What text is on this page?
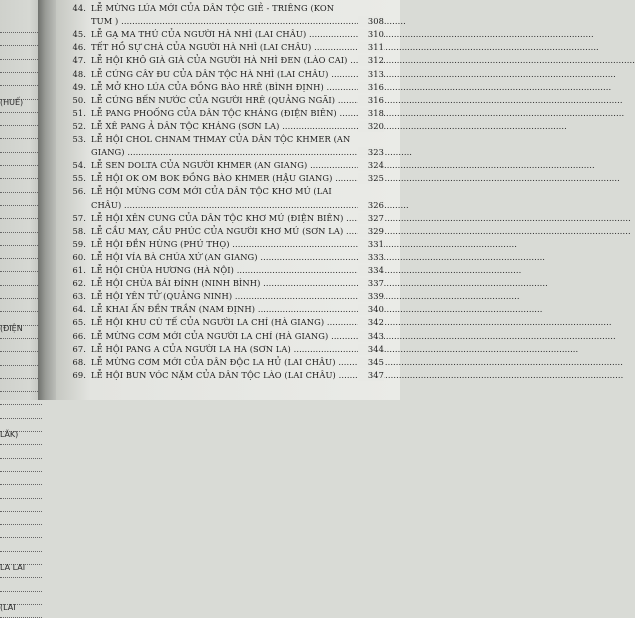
(HUẾ)
(ĐIỆN
LĂK)
LA LAI
(LAI
44. LỄ MỪNG LÚA MỚI CỦA DÂN TỘC GIẺ - TRIÊNG (KON
TUM ) .....	308
45. LỄ GẠ MA THÚ CỦA NGƯỜI HÀ NHÌ (LAI CHÂU) .....	310
46. TẾT HỒ SỰ CHÀ CỦA NGƯỜI HÀ NHÌ (LAI CHÂU) .....	311
47. LỄ HỘI KHÔ GIÀ GIÀ CỦA NGƯỜI HÀ NHÌ ĐEN (LÀO CAI) .....	312
48. LỄ CÚNG CÂY ĐU CỦA DÂN TỘC HÀ NHÌ (LAI CHÂU) .....	313
49. LỄ MỞ KHO LÚA CỦA ĐỒNG BÀO HRÊ (BÌNH ĐỊNH) .....	316
50. LỄ CÚNG BẾN NƯỚC CỦA NGƯỜI HRÊ (QUẢNG NGÃI) .....	316
51. LỄ PANG PHOỐNG CỦA DÂN TỘC KHÁNG (ĐIỆN BIÊN) .....	318
52. LỄ XÊ PANG Ả DÂN TỘC KHÁNG (SƠN LA) .....	320
53. LỄ HỘI CHOL CHNAM THMAY CỦA DÂN TỘC KHMER (AN
GIANG) .....	323
54. LỄ SEN DOLTA CỦA NGƯỜI KHMER (AN GIANG) .....	324
55. LỄ HỘI OK OM BOK ĐỒNG BÀO KHMER (HẬU GIANG) .....	325
56. LỄ HỘI MỪNG CƠM MỚI CỦA DÂN TỘC KHƠ MÚ (LAI
CHÂU) .....	326
57. LỄ HỘI XÊN CUNG CỦA DÂN TỘC KHƠ MÚ (ĐIỆN BIÊN) .....	327
58. LỄ CẦU MAY, CẦU PHÚC CỦA NGƯỜI KHƠ MÚ (SƠN LA) .....	329
59. LỄ HỘI ĐỀN HÙNG (PHÚ THỌ) .....	331
60. LỄ HỘI VÍA BÀ CHÚA XỨ (AN GIANG) .....	333
61. LỄ HỘI CHÙA HƯƠNG (HÀ NỘI) .....	334
62. LỄ HỘI CHÙA BÁI ĐÍNH (NINH BÌNH) .....	337
63. LỄ HỘI YÊN TỬ (QUẢNG NINH) .....	339
64. LỄ KHAI ẤN ĐỀN TRẦN (NAM ĐỊNH) .....	340
65. LỄ HỘI KHU CÙ TẾ CỦA NGƯỜI LA CHÍ (HÀ GIANG) .....	342
66. LỄ MỪNG CƠM MỚI CỦA NGƯỜI LA CHÍ (HÀ GIANG) .....	343
67. LỄ HỘI PANG A CỦA NGƯỜI LA HA (SƠN LA) .....	344
68. LỄ MỪNG CƠM MỚI CỦA DÂN ĐỘC LA HỦ (LAI CHÂU) .....	345
69. LỄ HỘI BUN VÓC NẶM CỦA DÂN TỘC LÀO (LAI CHÂU) .....	347
